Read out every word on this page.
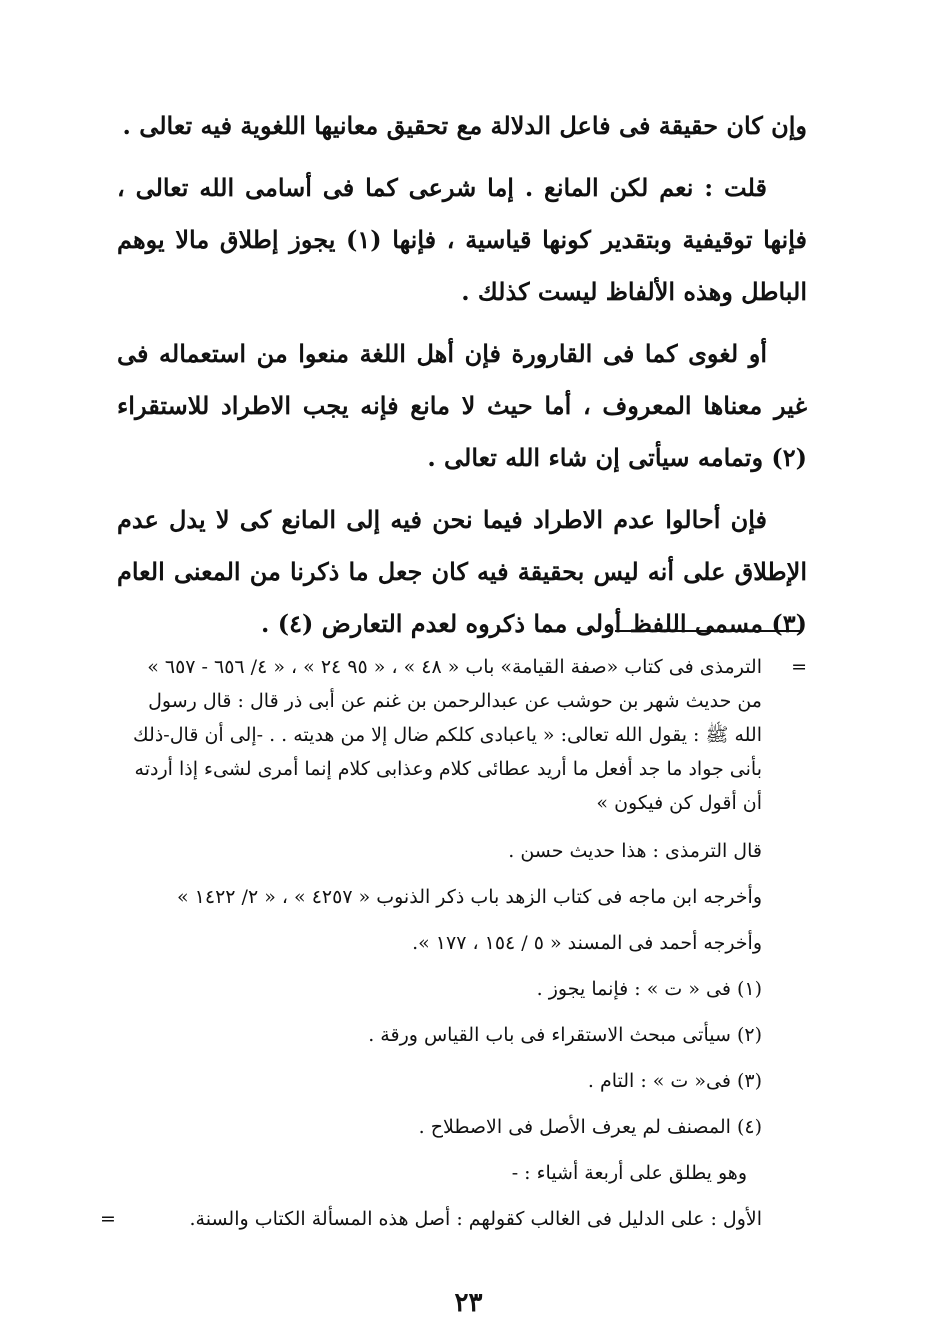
وإن كان حقيقة فى فاعل الدلالة مع تحقيق معانيها اللغوية فيه تعالى .

قلت : نعم لكن المانع . إما شرعى كما فى أسامى الله تعالى ، فإنها توقيفية وبتقدير كونها قياسية ، فإنها (١) يجوز إطلاق مالا يوهم الباطل وهذه الألفاظ ليست كذلك .

أو لغوى كما فى القارورة فإن أهل اللغة منعوا من استعماله فى غير معناها المعروف ، أما حيث لا مانع فإنه يجب الاطراد للاستقراء (٢) وتمامه سيأتى إن شاء الله تعالى .

فإن أحالوا عدم الاطراد فيما نحن فيه إلى المانع كى لا يدل عدم الإطلاق على أنه ليس بحقيقة فيه كان جعل ما ذكرنا من المعنى العام (٣) مسمى اللفظ أولى مما ذكروه لعدم التعارض (٤) .

=
الترمذى فى كتاب «صفة القيامة» باب « ٤٨ » ، « ٩٥ ٢٤ » ، « ٤/ ٦٥٦ - ٦٥٧ » من حديث شهر بن حوشب عن عبدالرحمن بن غنم عن أبى ذر قال : قال رسول الله ﷺ : يقول الله تعالى: « ياعبادى كلكم ضال إلا من هديته . . -إلى أن قال-ذلك بأنى جواد ما جد أفعل ما أريد عطائى كلام وعذابى كلام إنما أمرى لشىء إذا أردته أن أقول كن فيكون »
قال الترمذى : هذا حديث حسن .
وأخرجه ابن ماجه فى كتاب الزهد باب ذكر الذنوب « ٤٢٥٧ » ، « ٢/ ١٤٢٢ »
وأخرجه أحمد فى المسند « ٥ / ١٥٤ ، ١٧٧ ».
(١) فى « ت » : فإنما يجوز .
(٢) سيأتى مبحث الاستقراء فى باب القياس ورقة .
(٣) فى« ت » : التام .
(٤) المصنف لم يعرف الأصل فى الاصطلاح .
وهو يطلق على أربعة أشياء : -
الأول : على الدليل فى الغالب كقولهم : أصل هذه المسألة الكتاب والسنة.
=
٢٣
